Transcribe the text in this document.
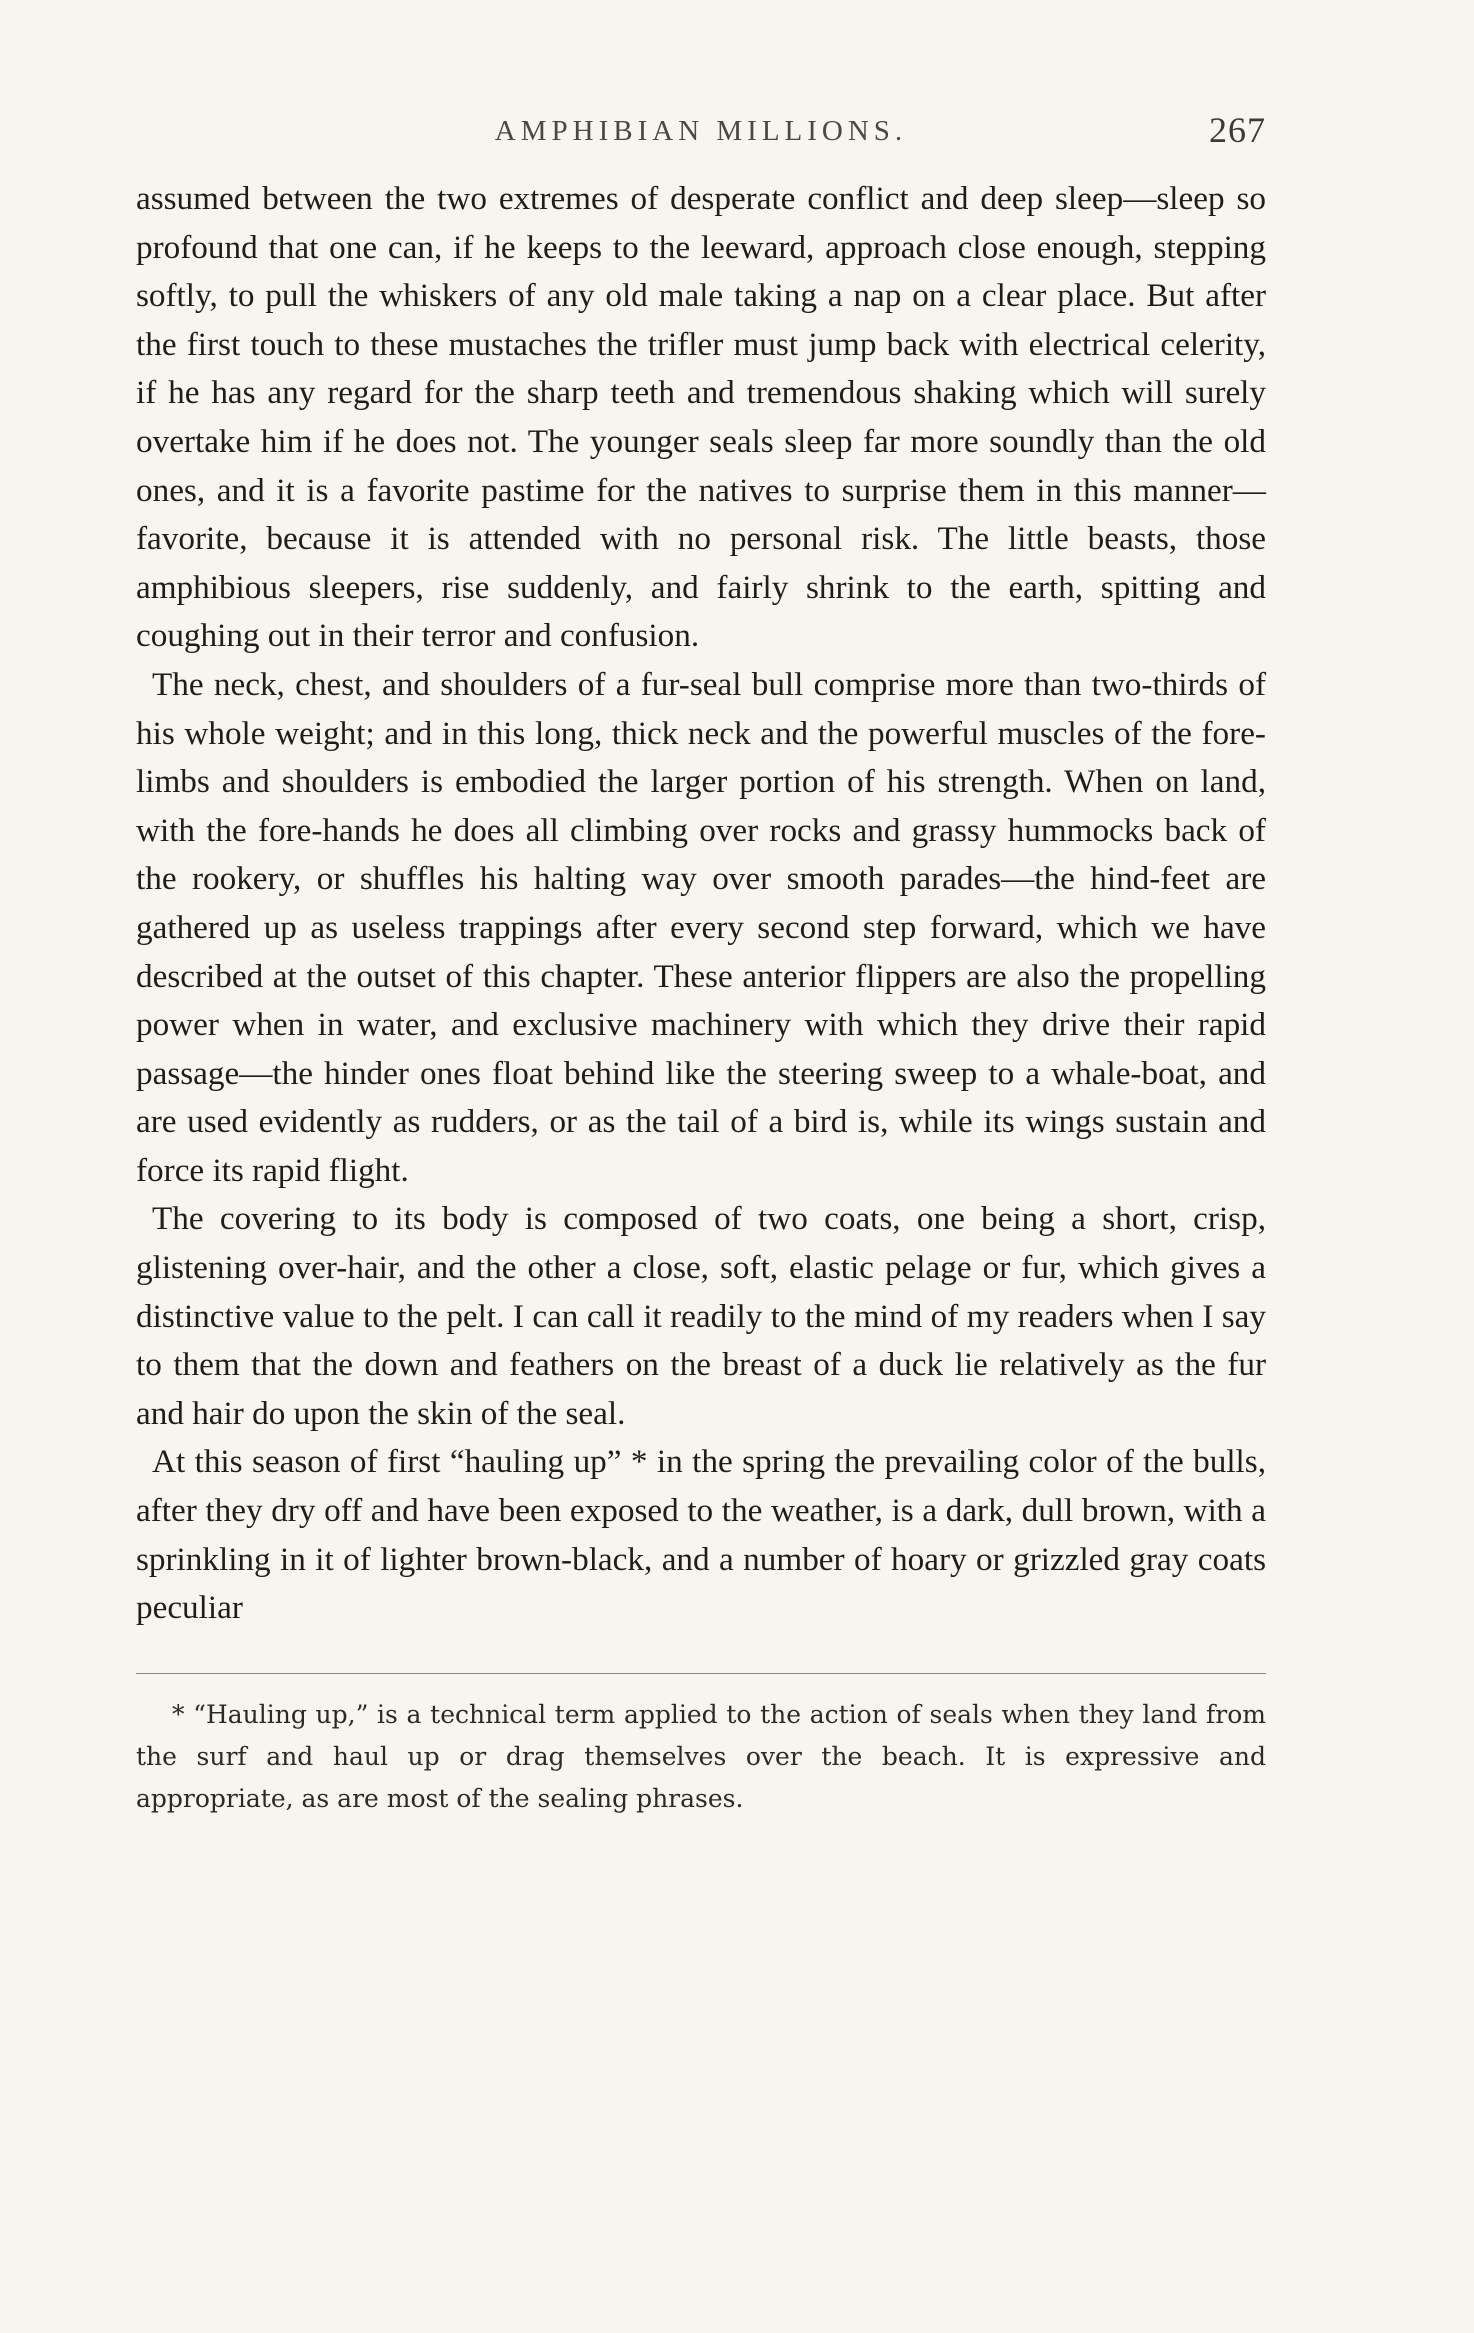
AMPHIBIAN MILLIONS.	267

assumed between the two extremes of desperate conflict and deep sleep—sleep so profound that one can, if he keeps to the leeward, approach close enough, stepping softly, to pull the whiskers of any old male taking a nap on a clear place. But after the first touch to these mustaches the trifler must jump back with electrical celerity, if he has any regard for the sharp teeth and tremendous shaking which will surely overtake him if he does not. The younger seals sleep far more soundly than the old ones, and it is a favorite pastime for the natives to surprise them in this manner—favorite, because it is attended with no personal risk. The little beasts, those amphibious sleepers, rise suddenly, and fairly shrink to the earth, spitting and coughing out in their terror and confusion.

The neck, chest, and shoulders of a fur-seal bull comprise more than two-thirds of his whole weight; and in this long, thick neck and the powerful muscles of the fore-limbs and shoulders is embodied the larger portion of his strength. When on land, with the fore-hands he does all climbing over rocks and grassy hummocks back of the rookery, or shuffles his halting way over smooth parades—the hind-feet are gathered up as useless trappings after every second step forward, which we have described at the outset of this chapter. These anterior flippers are also the propelling power when in water, and exclusive machinery with which they drive their rapid passage—the hinder ones float behind like the steering sweep to a whale-boat, and are used evidently as rudders, or as the tail of a bird is, while its wings sustain and force its rapid flight.

The covering to its body is composed of two coats, one being a short, crisp, glistening over-hair, and the other a close, soft, elastic pelage or fur, which gives a distinctive value to the pelt. I can call it readily to the mind of my readers when I say to them that the down and feathers on the breast of a duck lie relatively as the fur and hair do upon the skin of the seal.

At this season of first “hauling up” * in the spring the prevailing color of the bulls, after they dry off and have been exposed to the weather, is a dark, dull brown, with a sprinkling in it of lighter brown-black, and a number of hoary or grizzled gray coats peculiar

* “Hauling up,” is a technical term applied to the action of seals when they land from the surf and haul up or drag themselves over the beach. It is expressive and appropriate, as are most of the sealing phrases.
